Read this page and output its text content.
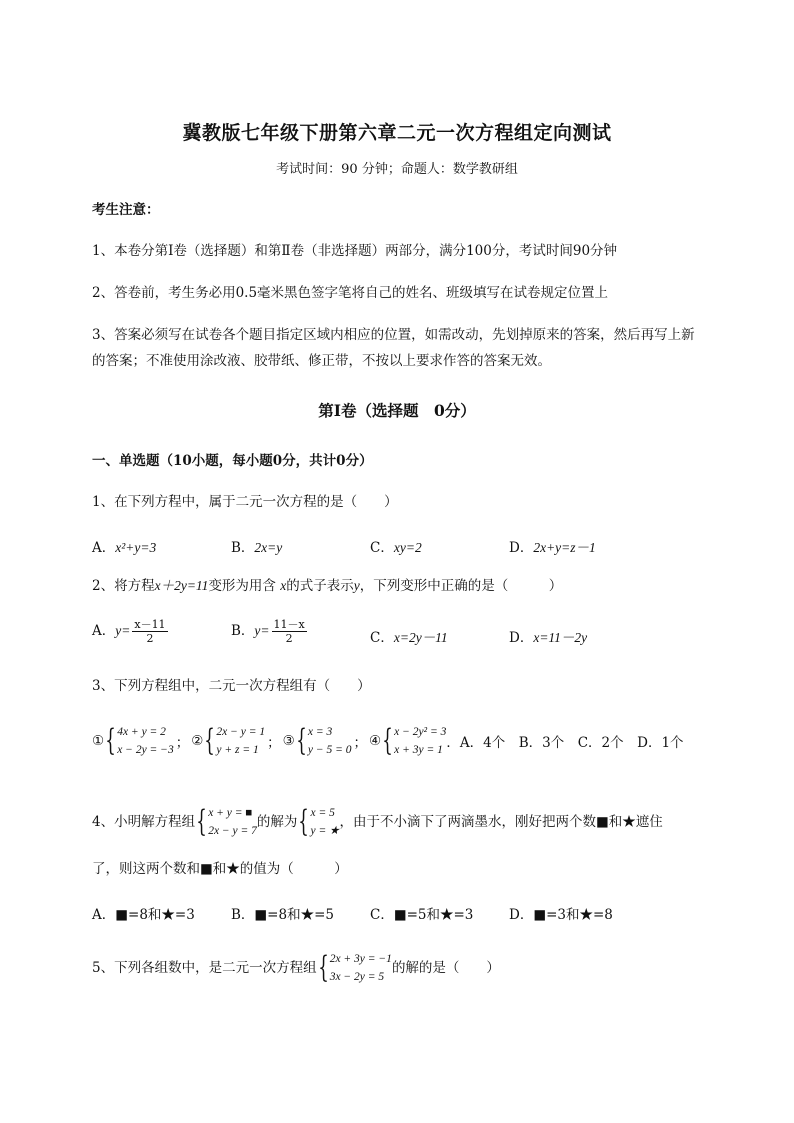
冀教版七年级下册第六章二元一次方程组定向测试
考试时间：90 分钟；命题人：数学教研组
考生注意：
1、本卷分第Ⅰ卷（选择题）和第Ⅱ卷（非选择题）两部分，满分100分，考试时间90分钟
2、答卷前，考生务必用0.5毫米黑色签字笔将自己的姓名、班级填写在试卷规定位置上
3、答案必须写在试卷各个题目指定区域内相应的位置，如需改动，先划掉原来的答案，然后再写上新
的答案；不准使用涂改液、胶带纸、修正带，不按以上要求作答的答案无效。
第Ⅰ卷（选择题　0分）
一、单选题（10小题，每小题0分，共计0分）
1、在下列方程中，属于二元一次方程的是（　　）
A．x²+y=3	B．2x=y	C．xy=2	D．2x+y=z－1
2、将方程x＋2y=11变形为用含 x的式子表示y，下列变形中正确的是（　　　）
A．$y= \frac{x-11}{2}$	B．$y= \frac{11-x}{2}$	C．x=2y－11	D．x=11－2y
3、下列方程组中，二元一次方程组有（　　）
① { 4x + y = 2
x − 2y = −3 ； ② { 2x − y = 1
y + z = 1 ； ③ { x = 3
y − 5 = 0 ； ④ { x − 2y² = 3
x + 3y = 1 ．A．4个　B．3个　C．2个　D．1个
4、小明解方程组 { x + y = ■
2x − y = 7
的解为 { x = 5
y = ★
，由于不小滴下了两滴墨水，刚好把两个数■和★遮住
了，则这两个数和■和★的值为（　　　）
A．■=8和★=3	B．■=8和★=5	C．■=5和★=3	D．■=3和★=8
5、下列各组数中，是二元一次方程组 { 2x + 3y = −1
3x − 2y = 5
的解的是（　　）
